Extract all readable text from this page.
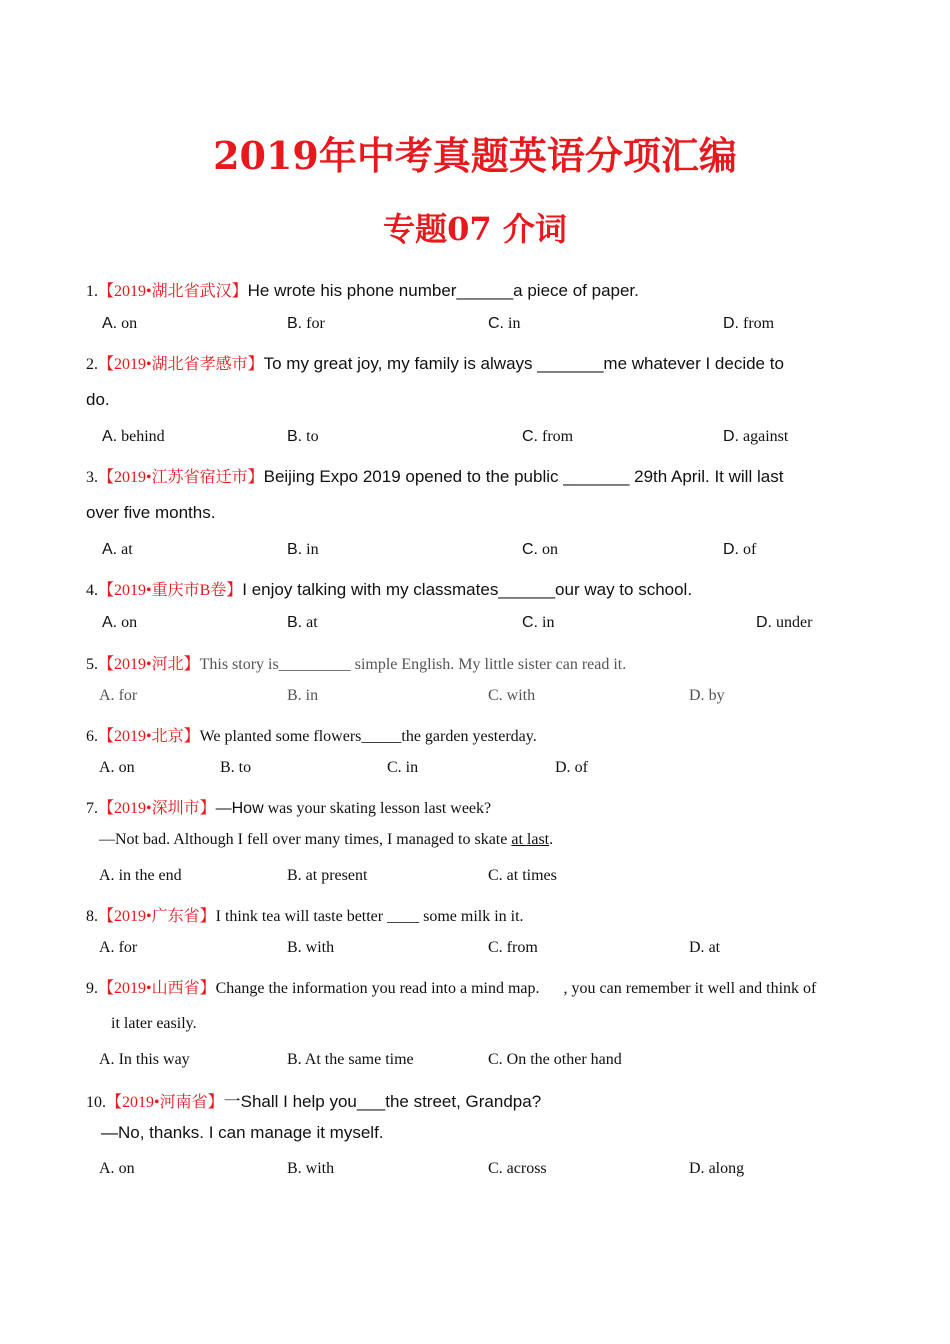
2019年中考真题英语分项汇编
专题07 介词
1.【2019•湖北省武汉】He wrote his phone number______a piece of paper.
A. on	B. for	C. in	D. from
2.【2019•湖北省孝感市】To my great joy, my family is always _______me whatever I decide to
do.
A. behind	B. to	C. from	D. against
3.【2019•江苏省宿迁市】Beijing Expo 2019 opened to the public _______ 29th April. It will last
over five months.
A. at	B. in	C. on	D. of
4.【2019•重庆市B卷】I enjoy talking with my classmates______our way to school.
A. on	B. at	C. in	D. under
5.【2019•河北】This story is_________ simple English. My little sister can read it.
A. for	B. in	C. with	D. by
6.【2019•北京】We planted some flowers_____the garden yesterday.
A. on	B. to	C. in	D. of
7.【2019•深圳市】—How was your skating lesson last week?
—Not bad. Although I fell over many times, I managed to skate at last.
A. in the end	B. at present	C. at times
8.【2019•广东省】I think tea will taste better ____ some milk in it.
A. for	B. with	C. from	D. at
9.【2019•山西省】Change the information you read into a mind map.      , you can remember it well and think of
it later easily.
A. In this way	B. At the same time	C. On the other hand
10.【2019•河南省】一Shall I help you___the street, Grandpa?
—No, thanks. I can manage it myself.
A. on	B. with	C. across	D. along
